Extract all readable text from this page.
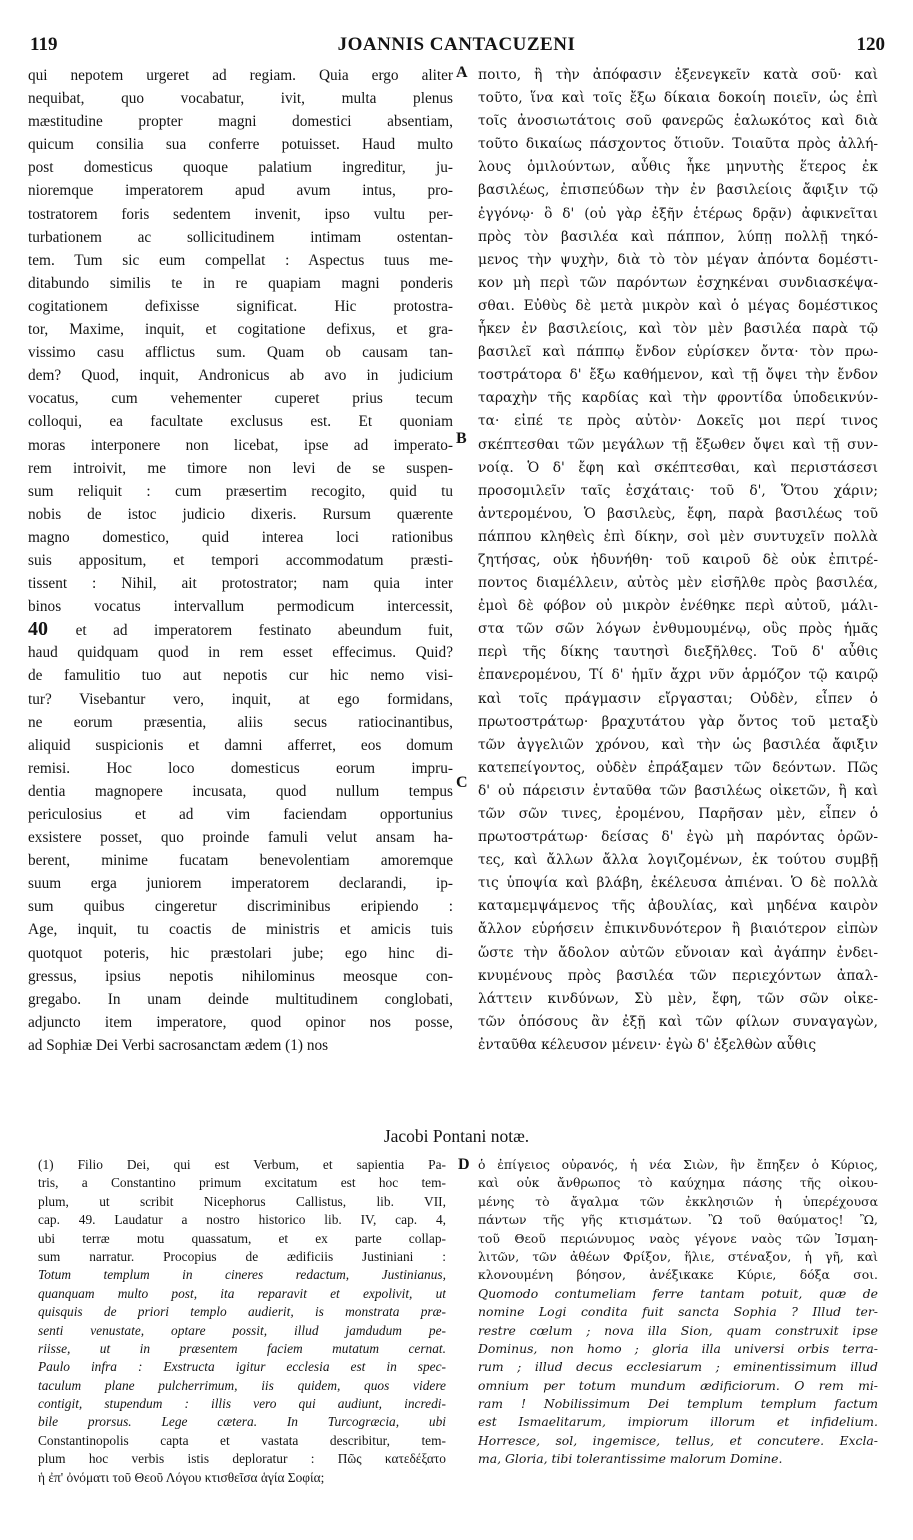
119	JOANNIS CANTACUZENI	120
qui nepotem urgeret ad regiam. Quia ergo aliter
nequibat, quo vocabatur, ivit, multa plenus
mæstitudine propter magni domestici absentiam,
quicum consilia sua conferre potuisset. Haud multo
post domesticus quoque palatium ingreditur, ju-
nioremque imperatorem apud avum intus, pro-
tostratorem foris sedentem invenit, ipso vultu per-
turbationem ac sollicitudinem intimam ostentan-
tem. Tum sic eum compellat : Aspectus tuus me-
ditabundo similis te in re quapiam magni ponderis
cogitationem defixisse significat. Hic protostra-
tor, Maxime, inquit, et cogitatione defixus, et gra-
vissimo casu afflictus sum. Quam ob causam tan-
dem? Quod, inquit, Andronicus ab avo in judicium
vocatus, cum vehementer cuperet prius tecum
colloqui, ea facultate exclusus est. Et quoniam
moras interponere non licebat, ipse ad imperato-
rem introivit, me timore non levi de se suspen-
sum reliquit : cum præsertim recogito, quid tu
nobis de istoc judicio dixeris. Rursum quærente
magno domestico, quid interea loci rationibus
suis appositum, et tempori accommodatum præsti-
tissent : Nihil, ait protostrator; nam quia inter
binos vocatus intervallum permodicum intercessit,
40 et ad imperatorem festinato abeundum fuit,
haud quidquam quod in rem esset effecimus. Quid?
de famulitio tuo aut nepotis cur hic nemo visi-
tur? Visebantur vero, inquit, at ego formidans,
ne eorum præsentia, aliis secus ratiocinantibus,
aliquid suspicionis et damni afferret, eos domum
remisi. Hoc loco domesticus eorum impru-
dentia magnopere incusata, quod nullum tempus
periculosius et ad vim faciendam opportunius
exsistere posset, quo proinde famuli velut ansam ha-
berent, minime fucatam benevolentiam amoremque
suum erga juniorem imperatorem declarandi, ip-
sum quibus cingeretur discriminibus eripiendo :
Age, inquit, tu coactis de ministris et amicis tuis
quotquot poteris, hic præstolari jube; ego hinc di-
gressus, ipsius nepotis nihilominus meosque con-
gregabo. In unam deinde multitudinem conglobati,
adjuncto item imperatore, quod opinor nos posse,
ad Sophiæ Dei Verbi sacrosanctam ædem (1) nos
ποιτο, ἢ τὴν ἀπόφασιν ἐξενεγκεῖν κατὰ σοῦ· καὶ
τοῦτο, ἵνα καὶ τοῖς ἔξω δίκαια δοκοίη ποιεῖν, ὡς ἐπὶ
τοῖς ἀνοσιωτάτοις σοῦ φανερῶς ἑαλωκότος καὶ διὰ
τοῦτο δικαίως πάσχοντος ὅτιοῦν. Τοιαῦτα πρὸς ἀλλή-
λους ὁμιλούντων, αὖθις ἧκε μηνυτὴς ἕτερος ἐκ
βασιλέως, ἐπισπεύδων τὴν ἐν βασιλείοις ἄφιξιν τῷ
ἐγγόνῳ· ὃ δ' (οὐ γὰρ ἐξῆν ἑτέρως δρᾷν) ἀφικνεῖται
πρὸς τὸν βασιλέα καὶ πάππον, λύπῃ πολλῇ τηκό-
μενος τὴν ψυχὴν, διὰ τὸ τὸν μέγαν ἀπόντα δομέστι-
κον μὴ περὶ τῶν παρόντων ἐσχηκέναι συνδιασκέψα-
σθαι. Εὐθὺς δὲ μετὰ μικρὸν καὶ ὁ μέγας δομέστικος
ἧκεν ἐν βασιλείοις, καὶ τὸν μὲν βασιλέα παρὰ τῷ
βασιλεῖ καὶ πάππῳ ἔνδον εὑρίσκεν ὄντα· τὸν πρω-
τοστράτορα δ' ἔξω καθήμενον, καὶ τῇ ὄψει τὴν ἔνδον
ταραχὴν τῆς καρδίας καὶ τὴν φροντίδα ὑποδεικνύν-
τα· εἰπέ τε πρὸς αὐτὸν· Δοκεῖς μοι περί τινος
σκέπτεσθαι τῶν μεγάλων τῇ ἔξωθεν ὄψει καὶ τῇ συν-
νοίᾳ. Ὁ δ' ἔφη καὶ σκέπτεσθαι, καὶ περιστάσεσι
προσομιλεῖν ταῖς ἐσχάταις· τοῦ δ', Ὅτου χάριν;
ἀντερομένου, Ὁ βασιλεὺς, ἔφη, παρὰ βασιλέως τοῦ
πάππου κληθεὶς ἐπὶ δίκην, σοὶ μὲν συντυχεῖν πολλὰ
ζητήσας, οὐκ ἠδυνήθη· τοῦ καιροῦ δὲ οὐκ ἐπιτρέ-
ποντος διαμέλλειν, αὐτὸς μὲν εἰσῆλθε πρὸς βασιλέα,
ἐμοὶ δὲ φόβον οὐ μικρὸν ἐνέθηκε περὶ αὐτοῦ, μάλι-
στα τῶν σῶν λόγων ἐνθυμουμένῳ, οὓς πρὸς ἡμᾶς
περὶ τῆς δίκης ταυτησὶ διεξῆλθες. Τοῦ δ' αὖθις
ἐπανερομένου, Τί δ' ἡμῖν ἄχρι νῦν ἁρμόζον τῷ καιρῷ
καὶ τοῖς πράγμασιν εἴργασται; Οὐδὲν, εἶπεν ὁ
πρωτοστράτωρ· βραχυτάτου γὰρ ὄντος τοῦ μεταξὺ
τῶν ἀγγελιῶν χρόνου, καὶ τὴν ὡς βασιλέα ἄφιξιν
κατεπείγοντος, οὐδὲν ἐπράξαμεν τῶν δεόντων. Πῶς
δ' οὐ πάρεισιν ἐνταῦθα τῶν βασιλέως οἰκετῶν, ἢ καὶ
τῶν σῶν τινες, ἐρομένου, Παρῆσαν μὲν, εἶπεν ὁ
πρωτοστράτωρ· δείσας δ' ἐγὼ μὴ παρόντας ὁρῶν-
τες, καὶ ἄλλων ἄλλα λογιζομένων, ἐκ τούτου συμβῇ
τις ὑποψία καὶ βλάβη, ἐκέλευσα ἀπιέναι. Ὁ δὲ πολλὰ
καταμεμψάμενος τῆς ἀβουλίας, καὶ μηδένα καιρὸν
ἄλλον εὑρήσειν ἐπικινδυνότερον ἢ βιαιότερον εἰπὼν
ὥστε τὴν ἄδολον αὐτῶν εὔνοιαν καὶ ἀγάπην ἐνδει-
κνυμένους πρὸς βασιλέα τῶν περιεχόντων ἀπαλ-
λάττειν κινδύνων, Σὺ μὲν, ἔφη, τῶν σῶν οἰκε-
τῶν ὁπόσους ἂν ἐξῇ καὶ τῶν φίλων συναγαγὼν,
ἐνταῦθα κέλευσον μένειν· ἐγὼ δ' ἐξελθὼν αὖθις
A
B
C
D
Jacobi Pontani notæ.
(1) Filio Dei, qui est Verbum, et sapientia Pa-
tris, a Constantino primum excitatum est hoc tem-
plum, ut scribit Nicephorus Callistus, lib. VII,
cap. 49. Laudatur a nostro historico lib. IV, cap. 4,
ubi terræ motu quassatum, et ex parte collap-
sum narratur. Procopius de ædificiis Justiniani :
Totum templum in cineres redactum, Justinianus,
quanquam multo post, ita reparavit et expolivit, ut
quisquis de priori templo audierit, is monstrata præ-
senti venustate, optare possit, illud jamdudum pe-
riisse, ut in præsentem faciem mutatum cernat.
Paulo infra : Exstructa igitur ecclesia est in spec-
taculum plane pulcherrimum, iis quidem, quos videre
contigit, stupendum : illis vero qui audiunt, incredi-
bile prorsus. Lege cætera. In Turcogræcia, ubi
Constantinopolis capta et vastata describitur, tem-
plum hoc verbis istis deploratur : Πῶς κατεδέξατο
ἡ ἐπ' ὀνόματι τοῦ Θεοῦ Λόγου κτισθεῖσα ἁγία Σοφία;
ὁ ἐπίγειος οὐρανός, ἡ νέα Σιὼν, ἣν ἔπηξεν ὁ Κύριος,
καὶ οὐκ ἄνθρωπος τὸ καύχημα πάσης τῆς οἰκου-
μένης τὸ ἄγαλμα τῶν ἐκκλησιῶν ἡ ὑπερέχουσα
πάντων τῆς γῆς κτισμάτων. Ὢ τοῦ θαύματος! Ὢ,
τοῦ Θεοῦ περιώνυμος ναὸς γέγονε ναὸς τῶν Ἰσμαη-
λιτῶν, τῶν ἀθέων Φρίξον, ἥλιε, στέναξον, ἡ γῆ, καὶ
κλονουμένη βόησον, ἀνέξικακε Κύριε, δόξα σοι.
Quomodo contumeliam ferre tantam potuit, quæ de
nomine Logi condita fuit sancta Sophia ? Illud ter-
restre cœlum ; nova illa Sion, quam construxit ipse
Dominus, non homo ; gloria illa universi orbis terra-
rum ; illud decus ecclesiarum ; eminentissimum illud
omnium per totum mundum ædificiorum. O rem mi-
ram ! Nobilissimum Dei templum templum factum
est Ismaelitarum, impiorum illorum et infidelium.
Horresce, sol, ingemisce, tellus, et concutere. Excla-
ma, Gloria, tibi tolerantissime malorum Domine.
